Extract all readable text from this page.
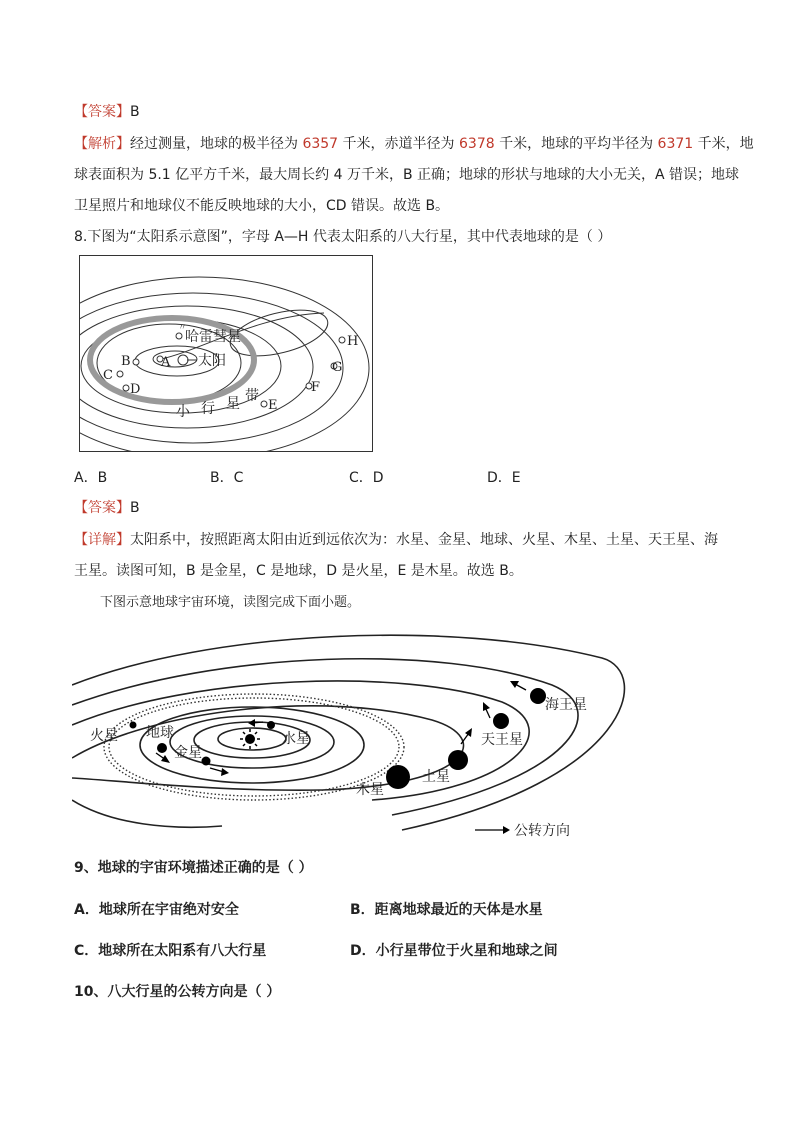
【答案】B
【解析】经过测量，地球的极半径为 6357 千米，赤道半径为 6378 千米，地球的平均半径为 6371 千米，地
球表面积为 5.1 亿平方千米，最大周长约 4 万千米，B 正确；地球的形状与地球的大小无关，A 错误；地球
卫星照片和地球仪不能反映地球的大小，CD 错误。故选 B。
8.下图为“太阳系示意图”，字母 A—H 代表太阳系的八大行星，其中代表地球的是（ ）
〃
哈雷彗星
A 太阳
B
C
D
E
F
G
H
小 行 星 带
A．B	B．C	C．D	D．E
【答案】B
【详解】太阳系中，按照距离太阳由近到远依次为：水星、金星、地球、火星、木星、土星、天王星、海
王星。读图可知，B 是金星，C 是地球，D 是火星，E 是木星。故选 B。
下图示意地球宇宙环境，读图完成下面小题。
水星
金星
地球
火星
木星
土星
天王星
海王星
公转方向
9、地球的宇宙环境描述正确的是（ ）
A．地球所在宇宙绝对安全	B．距离地球最近的天体是水星
C．地球所在太阳系有八大行星	D．小行星带位于火星和地球之间
10、八大行星的公转方向是（ ）
